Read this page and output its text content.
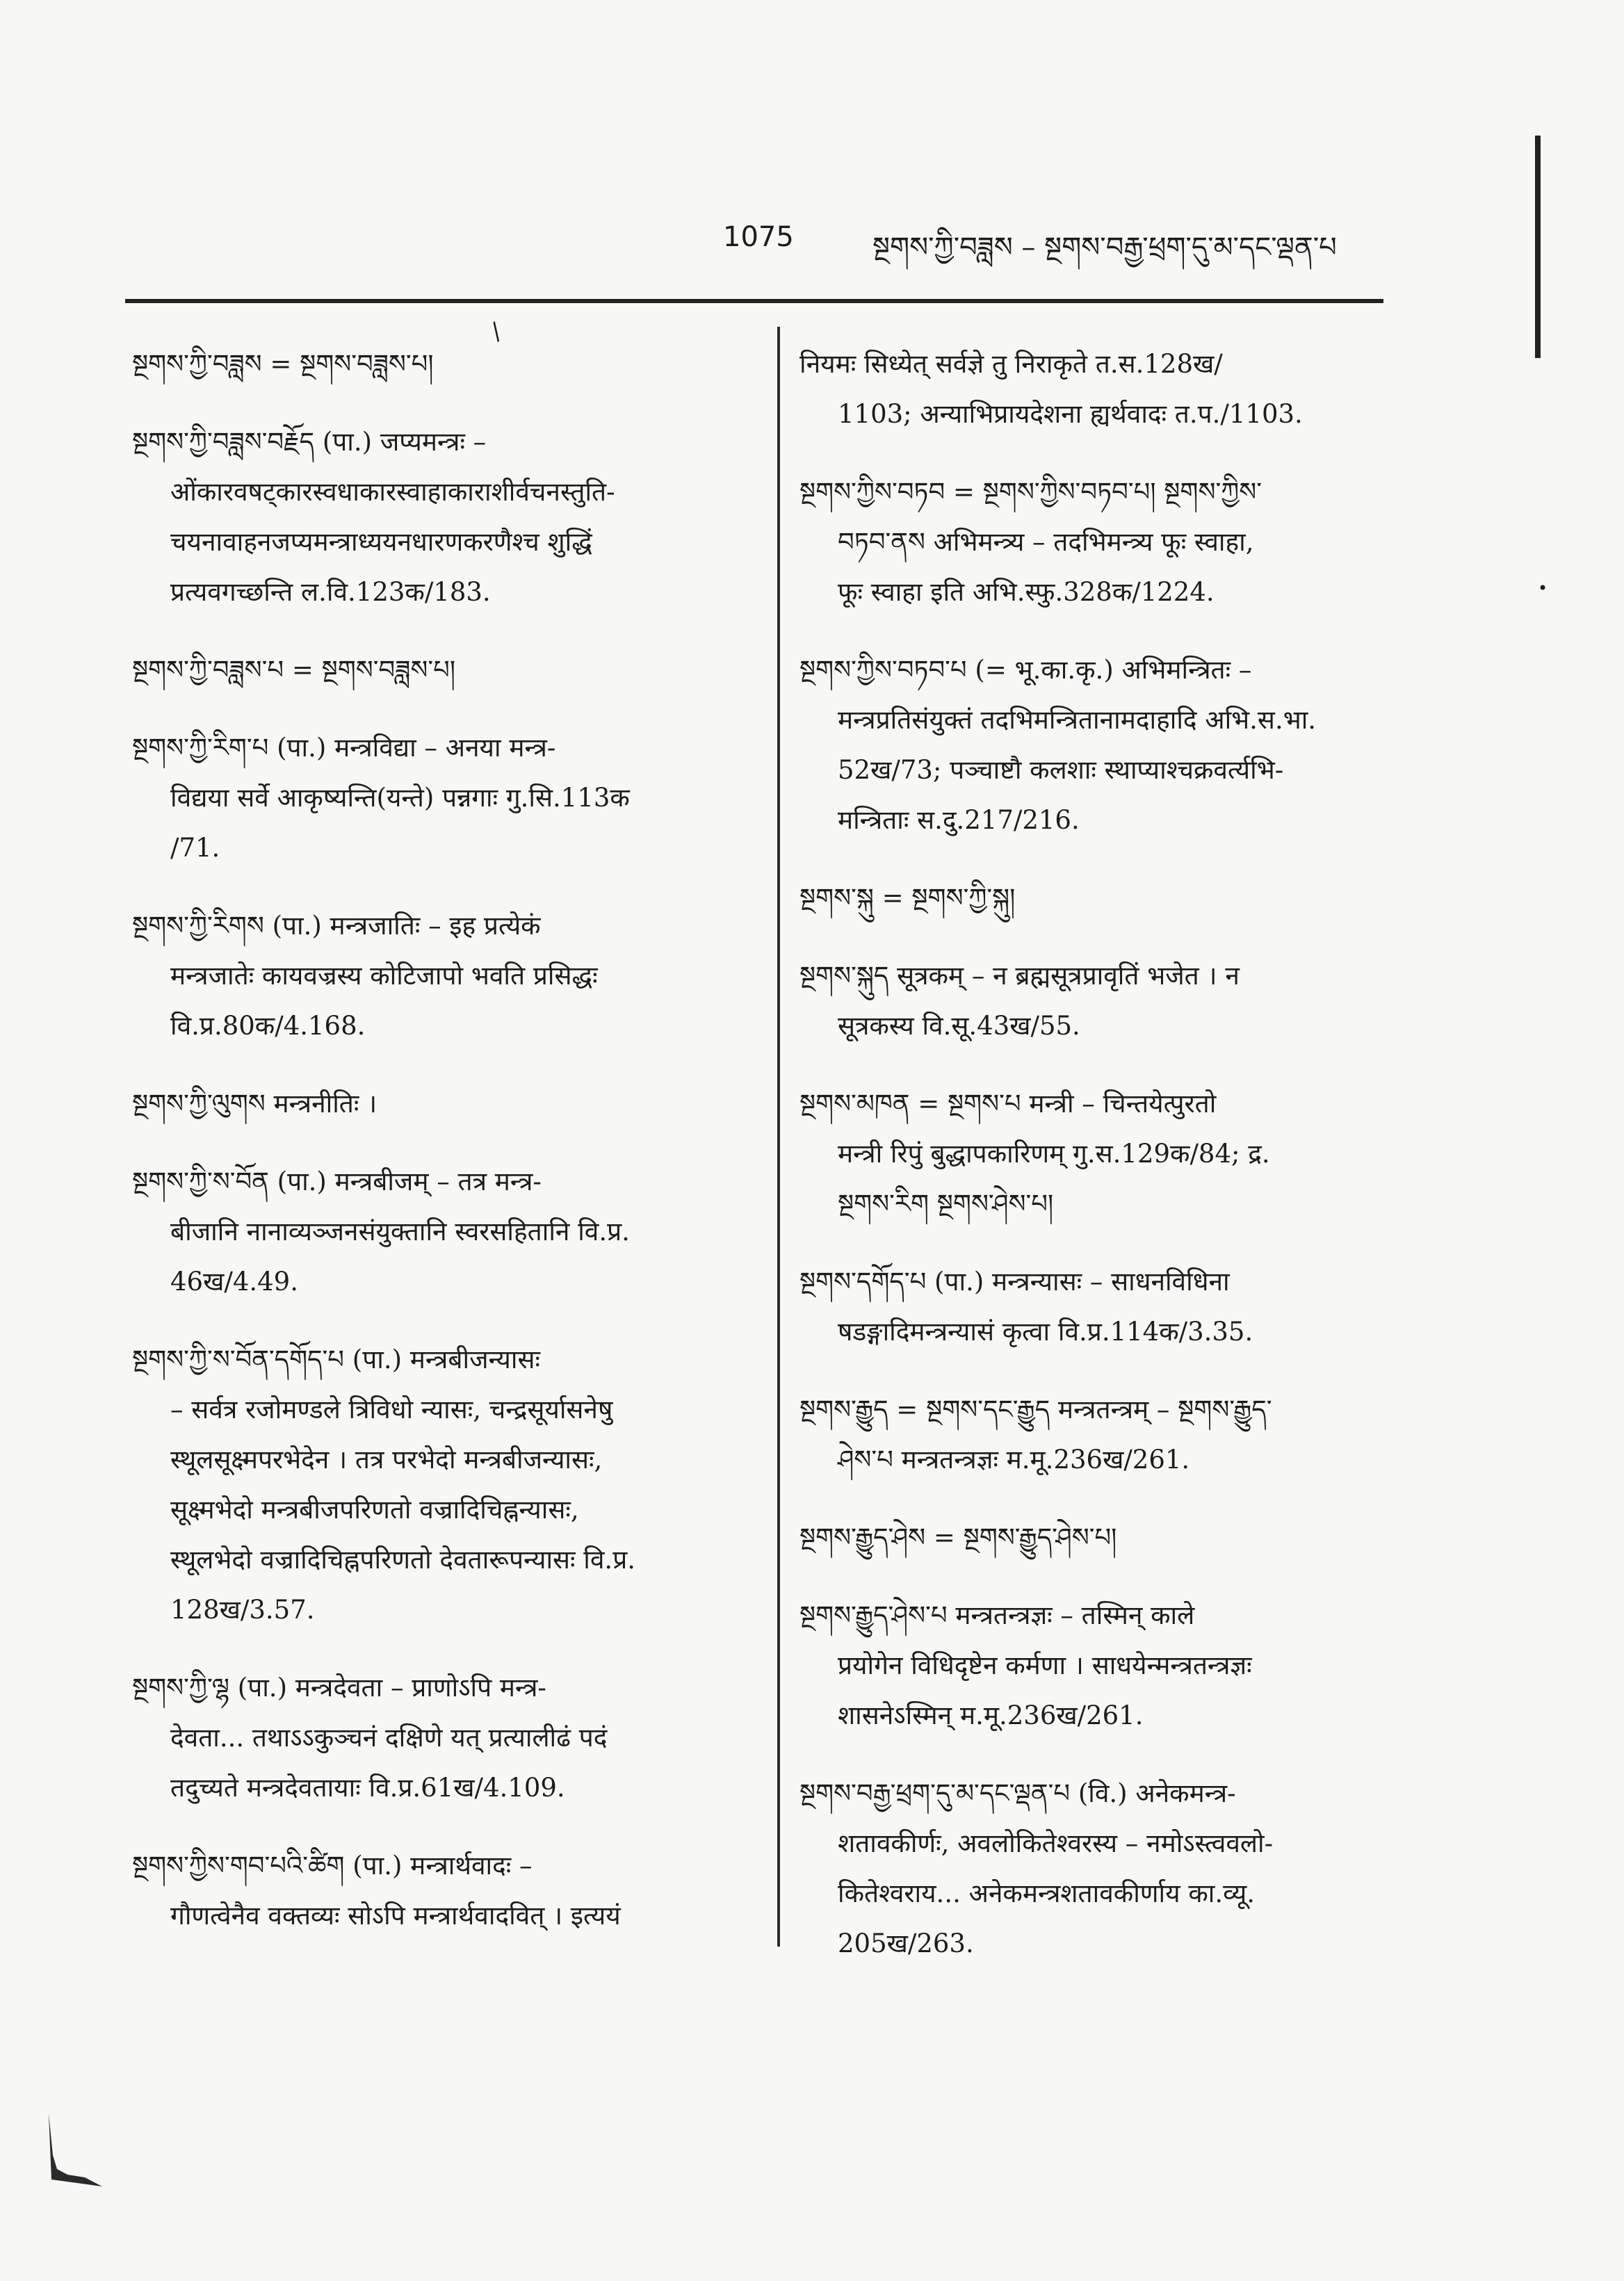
1075	སྔགས་ཀྱི་བཟླས – སྔགས་བརྒྱ་ཕྲག་དུ་མ་དང་ལྡན་པ
•
/

སྔགས་ཀྱི་བཟླས = སྔགས་བཟླས་པ།

སྔགས་ཀྱི་བཟླས་བརྗོད (पा.) जप्यमन्त्रः –

ओंकारवषट्कारस्वधाकारस्वाहाकाराशीर्वचनस्तुति-

चयनावाहनजप्यमन्त्राध्ययनधारणकरणैश्च शुद्धिं

प्रत्यवगच्छन्ति ल.वि.123क/183.

སྔགས་ཀྱི་བཟླས་པ = སྔགས་བཟླས་པ།

སྔགས་ཀྱི་རིག་པ (पा.) मन्त्रविद्या – अनया मन्त्र-

विद्यया सर्वे आकृष्यन्ति(यन्ते) पन्नगाः गु.सि.113क

/71.

སྔགས་ཀྱི་རིགས (पा.) मन्त्रजातिः – इह प्रत्येकं

मन्त्रजातेः कायवज्रस्य कोटिजापो भवति प्रसिद्धः

वि.प्र.80क/4.168.

སྔགས་ཀྱི་ལུགས मन्त्रनीतिः ।

སྔགས་ཀྱི་ས་བོན (पा.) मन्त्रबीजम् – तत्र मन्त्र-

बीजानि नानाव्यञ्जनसंयुक्तानि स्वरसहितानि वि.प्र.

46ख/4.49.

སྔགས་ཀྱི་ས་བོན་དགོད་པ (पा.) मन्त्रबीजन्यासः

– सर्वत्र रजोमण्डले त्रिविधो न्यासः, चन्द्रसूर्यासनेषु

स्थूलसूक्ष्मपरभेदेन । तत्र परभेदो मन्त्रबीजन्यासः,

सूक्ष्मभेदो मन्त्रबीजपरिणतो वज्रादिचिह्नन्यासः,

स्थूलभेदो वज्रादिचिह्नपरिणतो देवतारूपन्यासः वि.प्र.

128ख/3.57.

སྔགས་ཀྱི་ལྷ (पा.) मन्त्रदेवता – प्राणोऽपि मन्त्र-

देवता... तथाऽऽकुञ्चनं दक्षिणे यत् प्रत्यालीढं पदं

तदुच्यते मन्त्रदेवतायाः वि.प्र.61ख/4.109.

སྔགས་ཀྱིས་གབ་པའི་ཚིག (पा.) मन्त्रार्थवादः –

गौणत्वेनैव वक्तव्यः सोऽपि मन्त्रार्थवादवित् । इत्ययं

नियमः सिध्येत् सर्वज्ञे तु निराकृते त.स.128ख/

1103; अन्याभिप्रायदेशना ह्यर्थवादः त.प./1103.

སྔགས་ཀྱིས་བཏབ = སྔགས་ཀྱིས་བཏབ་པ། སྔགས་ཀྱིས་

བཏབ་ནས अभिमन्त्र्य – तदभिमन्त्र्य फूः स्वाहा,

फूः स्वाहा इति अभि.स्फु.328क/1224.

སྔགས་ཀྱིས་བཏབ་པ (= भू.का.कृ.) अभिमन्त्रितः –

मन्त्रप्रतिसंयुक्तं तदभिमन्त्रितानामदाहादि अभि.स.भा.

52ख/73; पञ्चाष्टौ कलशाः स्थाप्याश्चक्रवर्त्यभि-

मन्त्रिताः स.दु.217/216.

སྔགས་སྐུ = སྔགས་ཀྱི་སྐུ།

སྔགས་སྐུད सूत्रकम् – न ब्रह्मसूत्रप्रावृतिं भजेत । न

सूत्रकस्य वि.सू.43ख/55.

སྔགས་མཁན = སྔགས་པ मन्त्री – चिन्तयेत्पुरतो

मन्त्री रिपुं बुद्धापकारिणम् गु.स.129क/84; द्र.

སྔགས་རིག སྔགས་ཤེས་པ།

སྔགས་དགོད་པ (पा.) मन्त्रन्यासः – साधनविधिना

षडङ्गादिमन्त्रन्यासं कृत्वा वि.प्र.114क/3.35.

སྔགས་རྒྱུད = སྔགས་དང་རྒྱུད मन्त्रतन्त्रम् – སྔགས་རྒྱུད་

ཤེས་པ मन्त्रतन्त्रज्ञः म.मू.236ख/261.

སྔགས་རྒྱུད་ཤེས = སྔགས་རྒྱུད་ཤེས་པ།

སྔགས་རྒྱུད་ཤེས་པ मन्त्रतन्त्रज्ञः – तस्मिन् काले

प्रयोगेन विधिदृष्टेन कर्मणा । साधयेन्मन्त्रतन्त्रज्ञः

शासनेऽस्मिन् म.मू.236ख/261.

སྔགས་བརྒྱ་ཕྲག་དུ་མ་དང་ལྡན་པ (वि.) अनेकमन्त्र-

शतावकीर्णः, अवलोकितेश्वरस्य – नमोऽस्त्ववलो-

कितेश्वराय... अनेकमन्त्रशतावकीर्णाय का.व्यू.

205ख/263.
